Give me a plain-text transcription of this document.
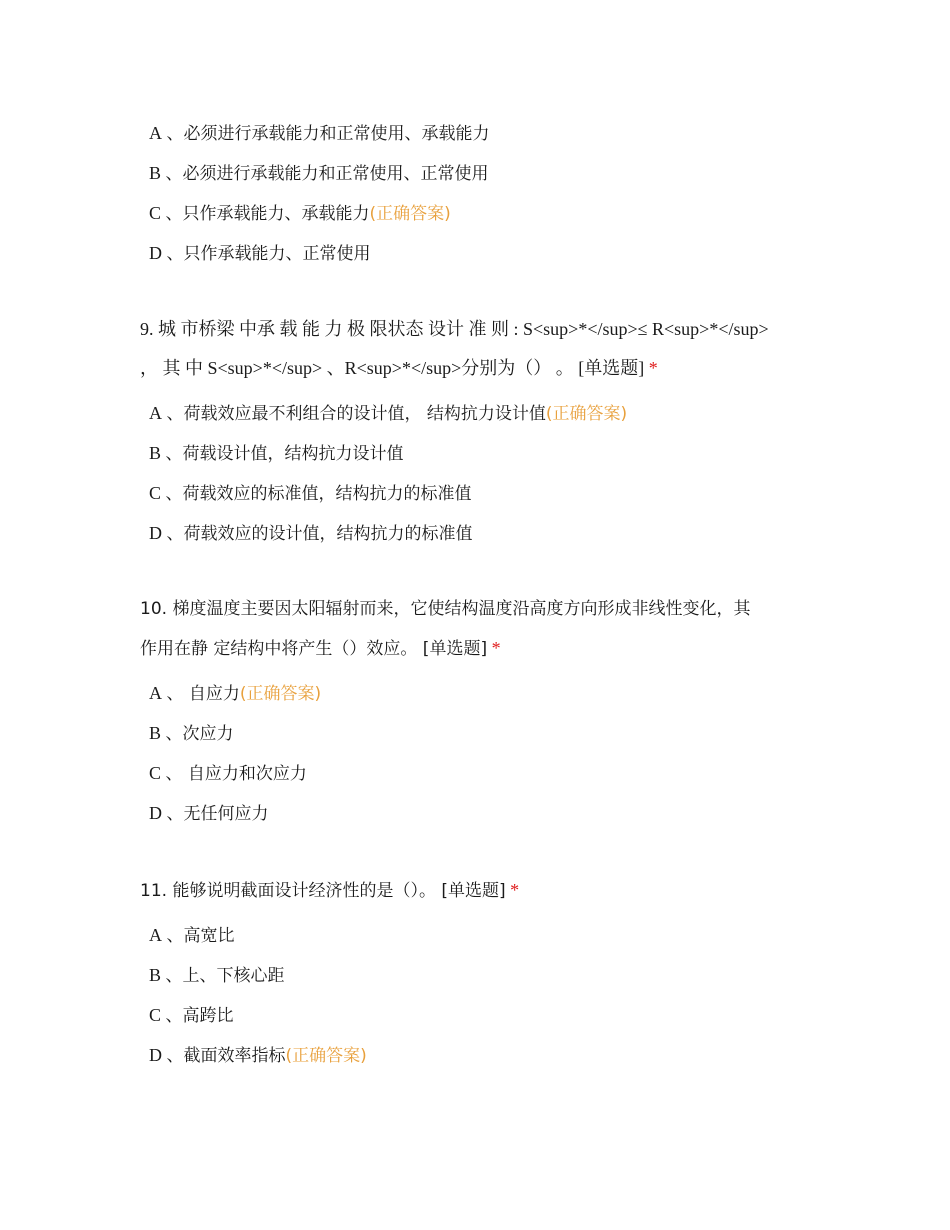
A 、必须进行承载能力和正常使用、承载能力
B 、必须进行承载能力和正常使用、正常使用
C 、只作承载能力、承载能力(正确答案)
D 、只作承载能力、正常使用
9. 城 市桥梁 中承 载 能 力 极 限状态 设计 准 则 : S<sup>*</sup>≤ R<sup>*</sup>
， 其 中 S<sup>*</sup> 、R<sup>*</sup>分别为（） 。 [单选题] *
A 、荷载效应最不利组合的设计值， 结构抗力设计值(正确答案)
B 、荷载设计值，结构抗力设计值
C 、荷载效应的标准值，结构抗力的标准值
D 、荷载效应的设计值，结构抗力的标准值
10. 梯度温度主要因太阳辐射而来，它使结构温度沿高度方向形成非线性变化，其
作用在静 定结构中将产生（）效应。 [单选题] *
A 、 自应力(正确答案)
B 、次应力
C 、 自应力和次应力
D 、无任何应力
11. 能够说明截面设计经济性的是（）。 [单选题] *
A 、高宽比
B 、上、下核心距
C 、高跨比
D 、截面效率指标(正确答案)
